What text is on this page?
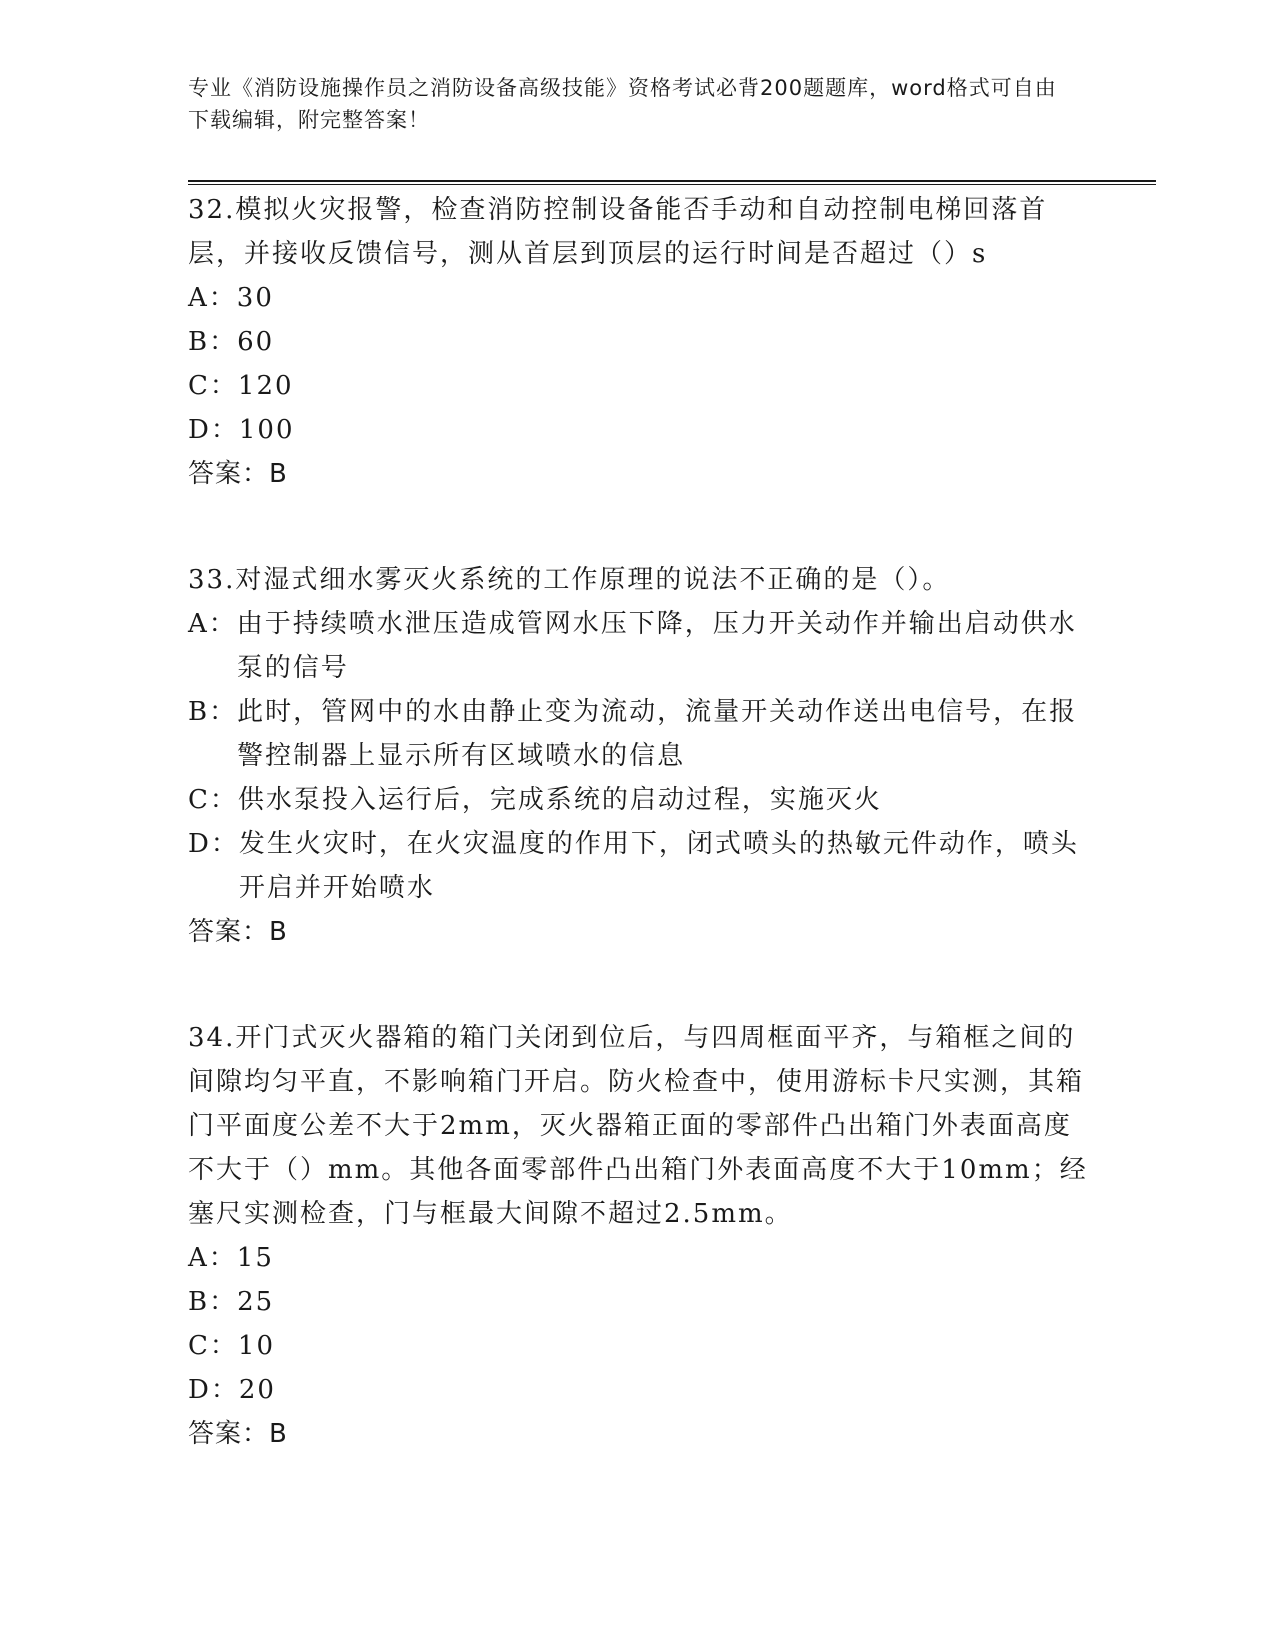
专业《消防设施操作员之消防设备高级技能》资格考试必背200题题库，word格式可自由下载编辑，附完整答案！

32.模拟火灾报警，检查消防控制设备能否手动和自动控制电梯回落首层，并接收反馈信号，测从首层到顶层的运行时间是否超过（）s

A： 30

B： 60

C： 120

D： 100

答案：B

33.对湿式细水雾灭火系统的工作原理的说法不正确的是（）。

A： 由于持续喷水泄压造成管网水压下降，压力开关动作并输出启动供水泵的信号

B： 此时，管网中的水由静止变为流动，流量开关动作送出电信号，在报警控制器上显示所有区域喷水的信息

C： 供水泵投入运行后，完成系统的启动过程，实施灭火

D： 发生火灾时，在火灾温度的作用下，闭式喷头的热敏元件动作，喷头开启并开始喷水

答案：B

34.开门式灭火器箱的箱门关闭到位后，与四周框面平齐，与箱框之间的间隙均匀平直，不影响箱门开启。防火检查中，使用游标卡尺实测，其箱门平面度公差不大于2mm，灭火器箱正面的零部件凸出箱门外表面高度不大于（）mm。其他各面零部件凸出箱门外表面高度不大于10mm；经塞尺实测检查，门与框最大间隙不超过2.5mm。

A： 15

B： 25

C： 10

D： 20

答案：B
